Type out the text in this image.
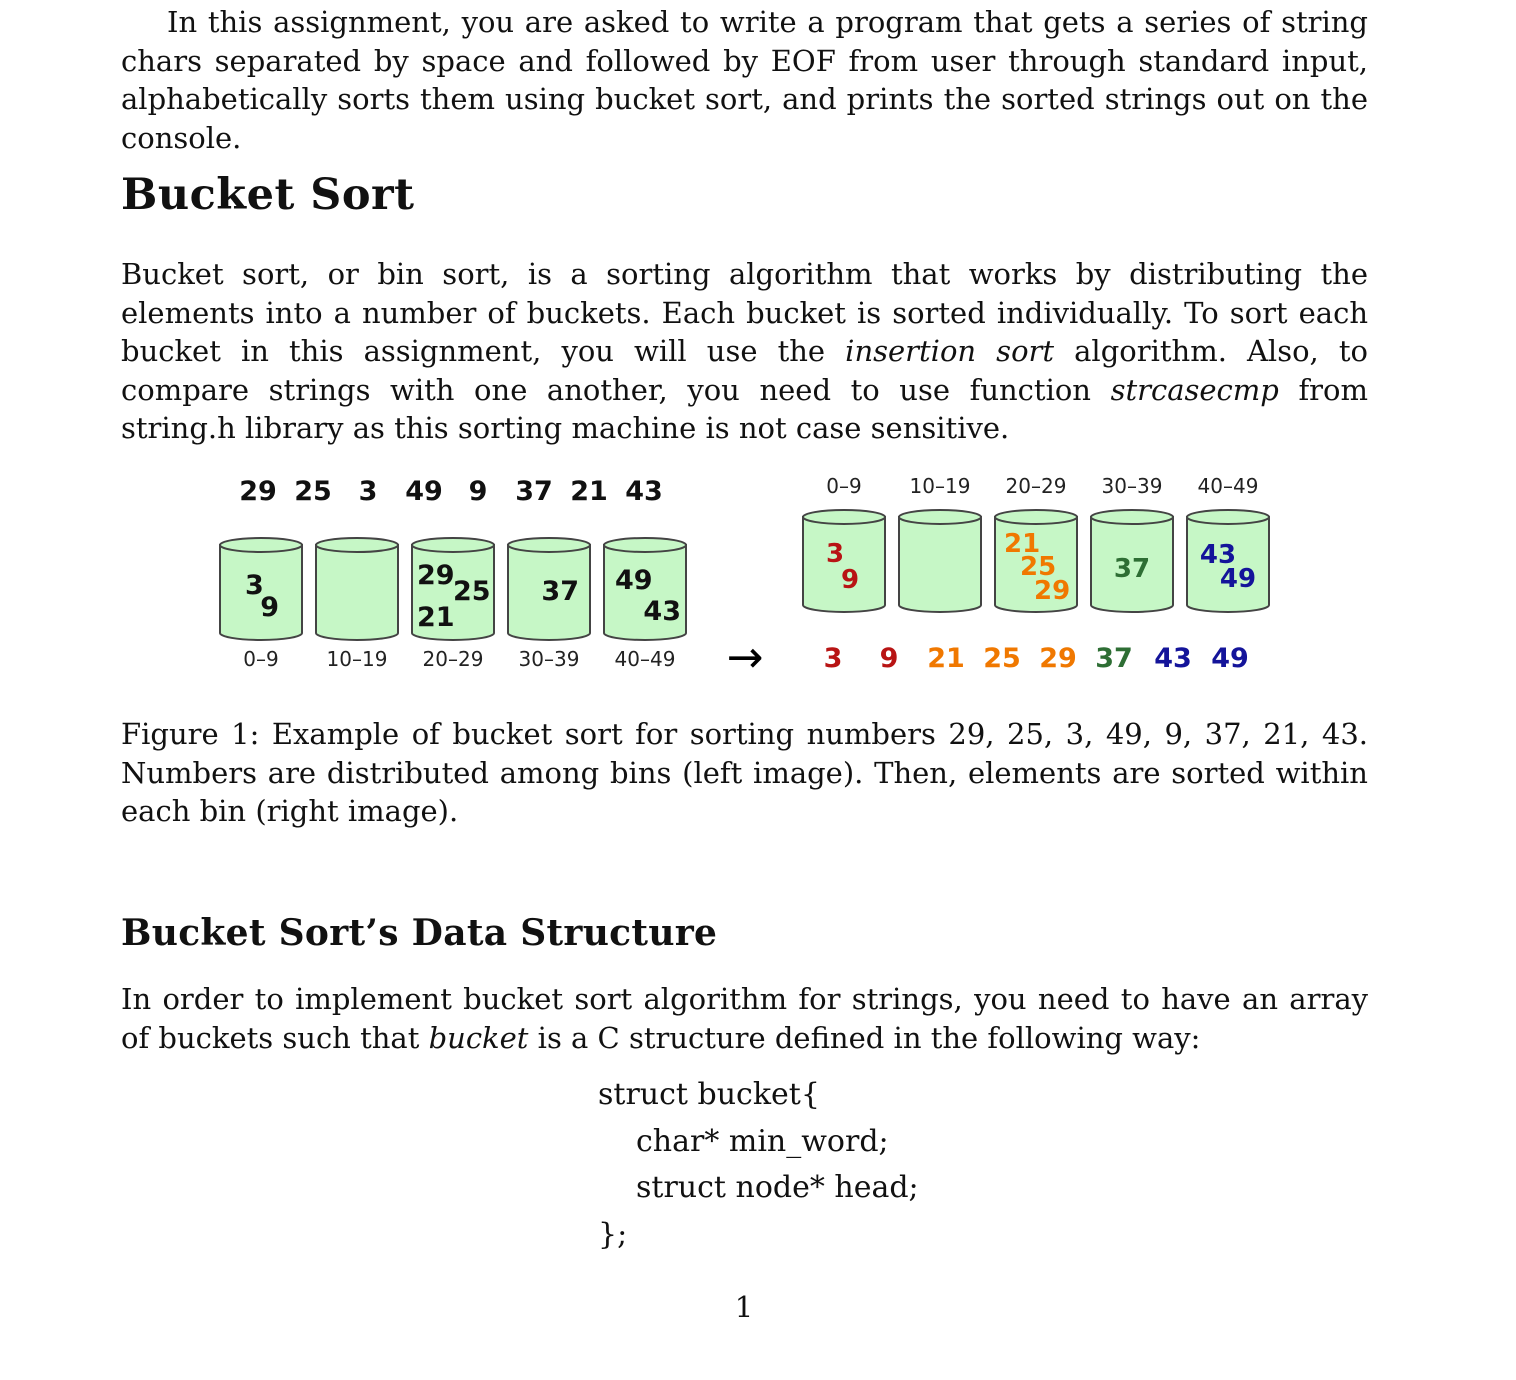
In this assignment, you are asked to write a program that gets a series of string chars separated by space and followed by EOF from user through standard input, alphabetically sorts them using bucket sort, and prints the sorted strings out on the console.

Bucket Sort

Bucket sort, or bin sort, is a sorting algorithm that works by distributing the elements into a number of buckets. Each bucket is sorted individually. To sort each bucket in this assignment, you will use the insertion sort algorithm. Also, to compare strings with one another, you need to use function strcasecmp from string.h library as this sorting machine is not case sensitive.

29 25 3 49 9 37 21 43
3
9
0–9 10–19
29
25
21
20–29
37
30–39
49
43
40–49 →
0–9
3
9
10–19 20–29
21
25
29
30–39
37
40–49
43
49
3 9 21 25 29 37 43 49

Figure 1: Example of bucket sort for sorting numbers 29, 25, 3, 49, 9, 37, 21, 43. Numbers are distributed among bins (left image). Then, elements are sorted within each bin (right image).

Bucket Sort’s Data Structure

In order to implement bucket sort algorithm for strings, you need to have an array of buckets such that bucket is a C structure defined in the following way:

struct bucket{
char* min_word;
struct node* head;
};
1
